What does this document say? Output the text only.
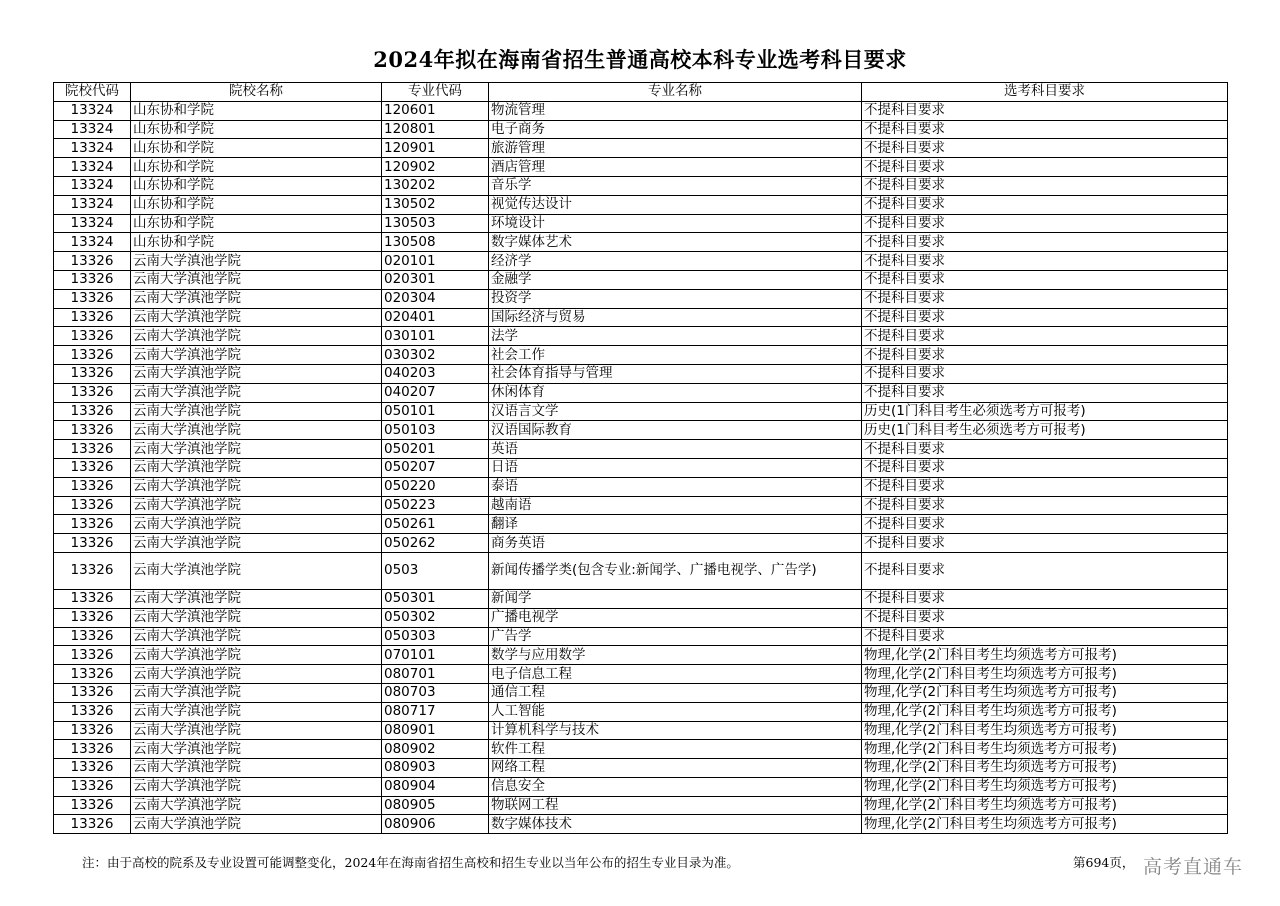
2024年拟在海南省招生普通高校本科专业选考科目要求
院校代码	院校名称	专业代码	专业名称	选考科目要求
13324	山东协和学院	120601	物流管理	不提科目要求
13324	山东协和学院	120801	电子商务	不提科目要求
13324	山东协和学院	120901	旅游管理	不提科目要求
13324	山东协和学院	120902	酒店管理	不提科目要求
13324	山东协和学院	130202	音乐学	不提科目要求
13324	山东协和学院	130502	视觉传达设计	不提科目要求
13324	山东协和学院	130503	环境设计	不提科目要求
13324	山东协和学院	130508	数字媒体艺术	不提科目要求
13326	云南大学滇池学院	020101	经济学	不提科目要求
13326	云南大学滇池学院	020301	金融学	不提科目要求
13326	云南大学滇池学院	020304	投资学	不提科目要求
13326	云南大学滇池学院	020401	国际经济与贸易	不提科目要求
13326	云南大学滇池学院	030101	法学	不提科目要求
13326	云南大学滇池学院	030302	社会工作	不提科目要求
13326	云南大学滇池学院	040203	社会体育指导与管理	不提科目要求
13326	云南大学滇池学院	040207	休闲体育	不提科目要求
13326	云南大学滇池学院	050101	汉语言文学	历史(1门科目考生必须选考方可报考)
13326	云南大学滇池学院	050103	汉语国际教育	历史(1门科目考生必须选考方可报考)
13326	云南大学滇池学院	050201	英语	不提科目要求
13326	云南大学滇池学院	050207	日语	不提科目要求
13326	云南大学滇池学院	050220	泰语	不提科目要求
13326	云南大学滇池学院	050223	越南语	不提科目要求
13326	云南大学滇池学院	050261	翻译	不提科目要求
13326	云南大学滇池学院	050262	商务英语	不提科目要求
13326	云南大学滇池学院	0503	新闻传播学类(包含专业:新闻学、广播电视学、广告学)	不提科目要求
13326	云南大学滇池学院	050301	新闻学	不提科目要求
13326	云南大学滇池学院	050302	广播电视学	不提科目要求
13326	云南大学滇池学院	050303	广告学	不提科目要求
13326	云南大学滇池学院	070101	数学与应用数学	物理,化学(2门科目考生均须选考方可报考)
13326	云南大学滇池学院	080701	电子信息工程	物理,化学(2门科目考生均须选考方可报考)
13326	云南大学滇池学院	080703	通信工程	物理,化学(2门科目考生均须选考方可报考)
13326	云南大学滇池学院	080717	人工智能	物理,化学(2门科目考生均须选考方可报考)
13326	云南大学滇池学院	080901	计算机科学与技术	物理,化学(2门科目考生均须选考方可报考)
13326	云南大学滇池学院	080902	软件工程	物理,化学(2门科目考生均须选考方可报考)
13326	云南大学滇池学院	080903	网络工程	物理,化学(2门科目考生均须选考方可报考)
13326	云南大学滇池学院	080904	信息安全	物理,化学(2门科目考生均须选考方可报考)
13326	云南大学滇池学院	080905	物联网工程	物理,化学(2门科目考生均须选考方可报考)
13326	云南大学滇池学院	080906	数字媒体技术	物理,化学(2门科目考生均须选考方可报考)
注：由于高校的院系及专业设置可能调整变化，2024年在海南省招生高校和招生专业以当年公布的招生专业目录为准。	第694页， 高考直通车
